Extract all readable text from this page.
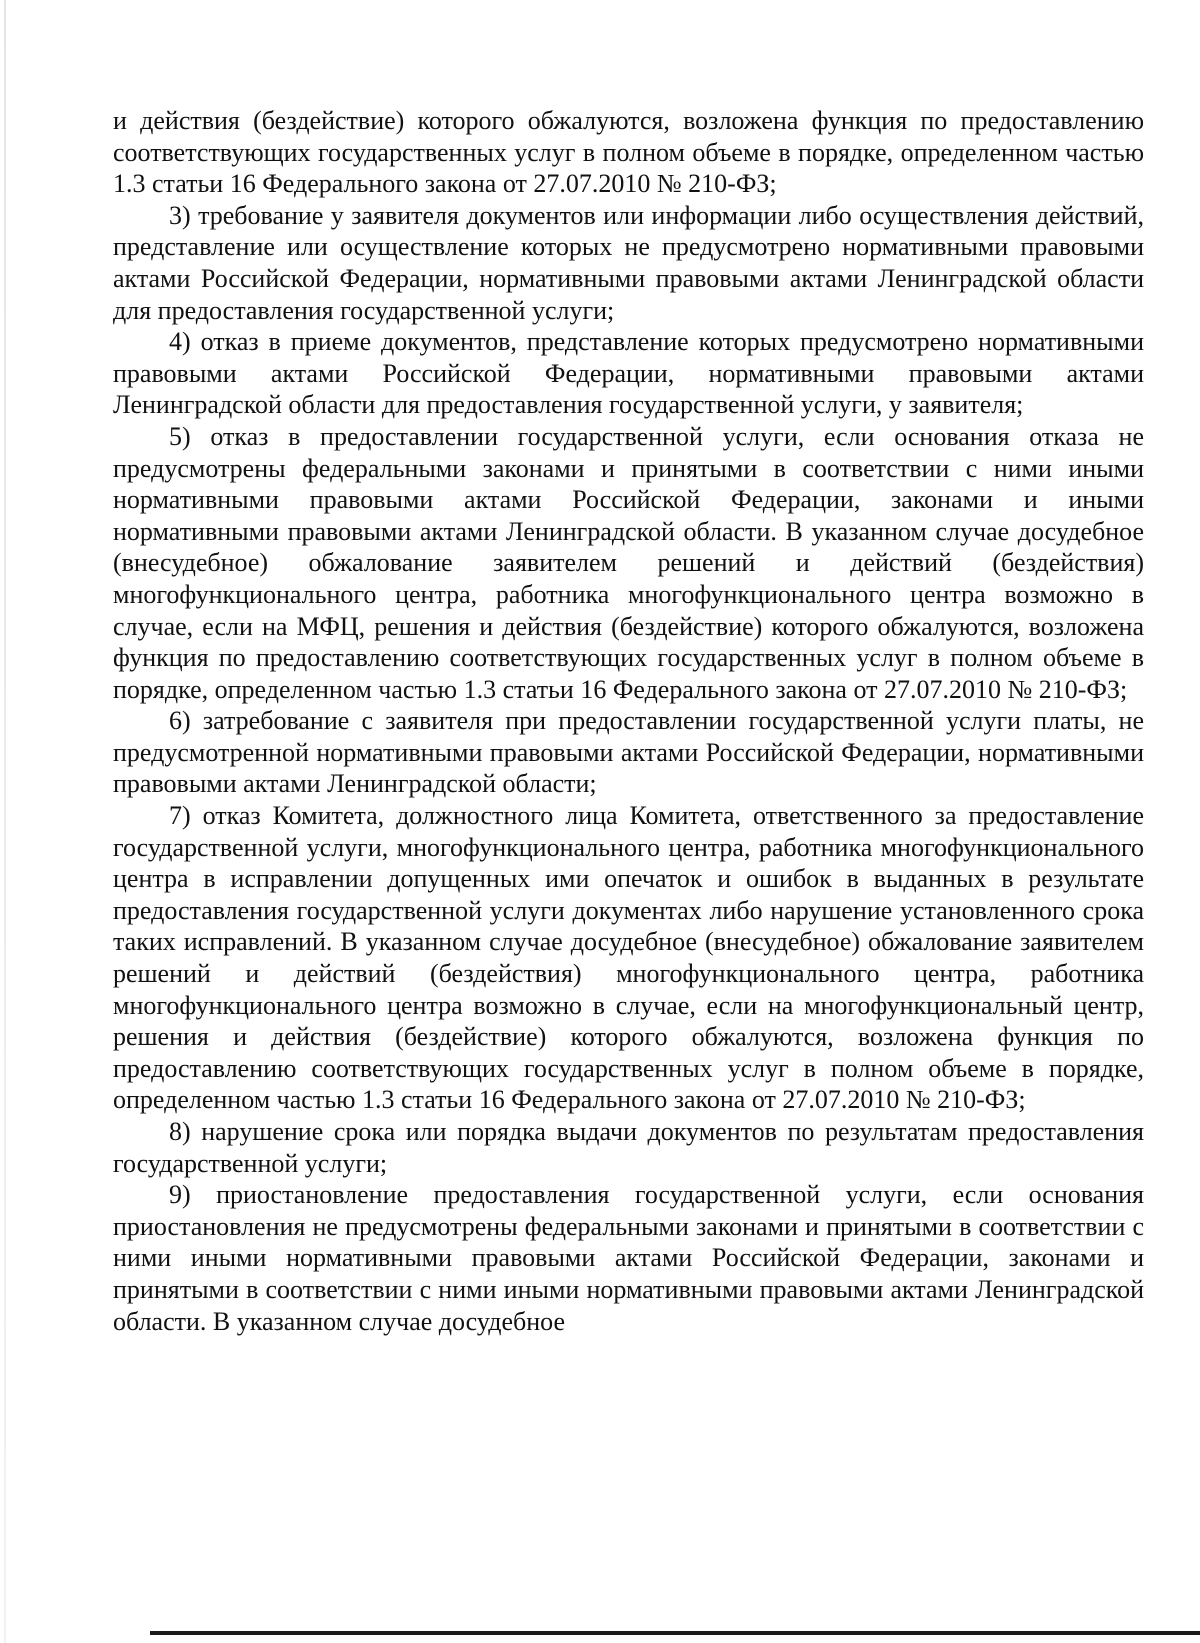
и действия (бездействие) которого обжалуются, возложена функция по предоставлению соответствующих государственных услуг в полном объеме в порядке, определенном частью 1.3 статьи 16 Федерального закона от 27.07.2010 № 210-ФЗ;

3) требование у заявителя документов или информации либо осуществления действий, представление или осуществление которых не предусмотрено нормативными правовыми актами Российской Федерации, нормативными правовыми актами Ленинградской области для предоставления государственной услуги;

4) отказ в приеме документов, представление которых предусмотрено нормативными правовыми актами Российской Федерации, нормативными правовыми актами Ленинградской области для предоставления государственной услуги, у заявителя;

5) отказ в предоставлении государственной услуги, если основания отказа не предусмотрены федеральными законами и принятыми в соответствии с ними иными нормативными правовыми актами Российской Федерации, законами и иными нормативными правовыми актами Ленинградской области. В указанном случае досудебное (внесудебное) обжалование заявителем решений и действий (бездействия) многофункционального центра, работника многофункционального центра возможно в случае, если на МФЦ, решения и действия (бездействие) которого обжалуются, возложена функция по предоставлению соответствующих государственных услуг в полном объеме в порядке, определенном частью 1.3 статьи 16 Федерального закона от 27.07.2010 № 210-ФЗ;

6) затребование с заявителя при предоставлении государственной услуги платы, не предусмотренной нормативными правовыми актами Российской Федерации, нормативными правовыми актами Ленинградской области;

7) отказ Комитета, должностного лица Комитета, ответственного за предоставление государственной услуги, многофункционального центра, работника многофункционального центра в исправлении допущенных ими опечаток и ошибок в выданных в результате предоставления государственной услуги документах либо нарушение установленного срока таких исправлений. В указанном случае досудебное (внесудебное) обжалование заявителем решений и действий (бездействия) многофункционального центра, работника многофункционального центра возможно в случае, если на многофункциональный центр, решения и действия (бездействие) которого обжалуются, возложена функция по предоставлению соответствующих государственных услуг в полном объеме в порядке, определенном частью 1.3 статьи 16 Федерального закона от 27.07.2010 № 210-ФЗ;

8) нарушение срока или порядка выдачи документов по результатам предоставления государственной услуги;

9) приостановление предоставления государственной услуги, если основания приостановления не предусмотрены федеральными законами и принятыми в соответствии с ними иными нормативными правовыми актами Российской Федерации, законами и принятыми в соответствии с ними иными нормативными правовыми актами Ленинградской области. В указанном случае досудебное
